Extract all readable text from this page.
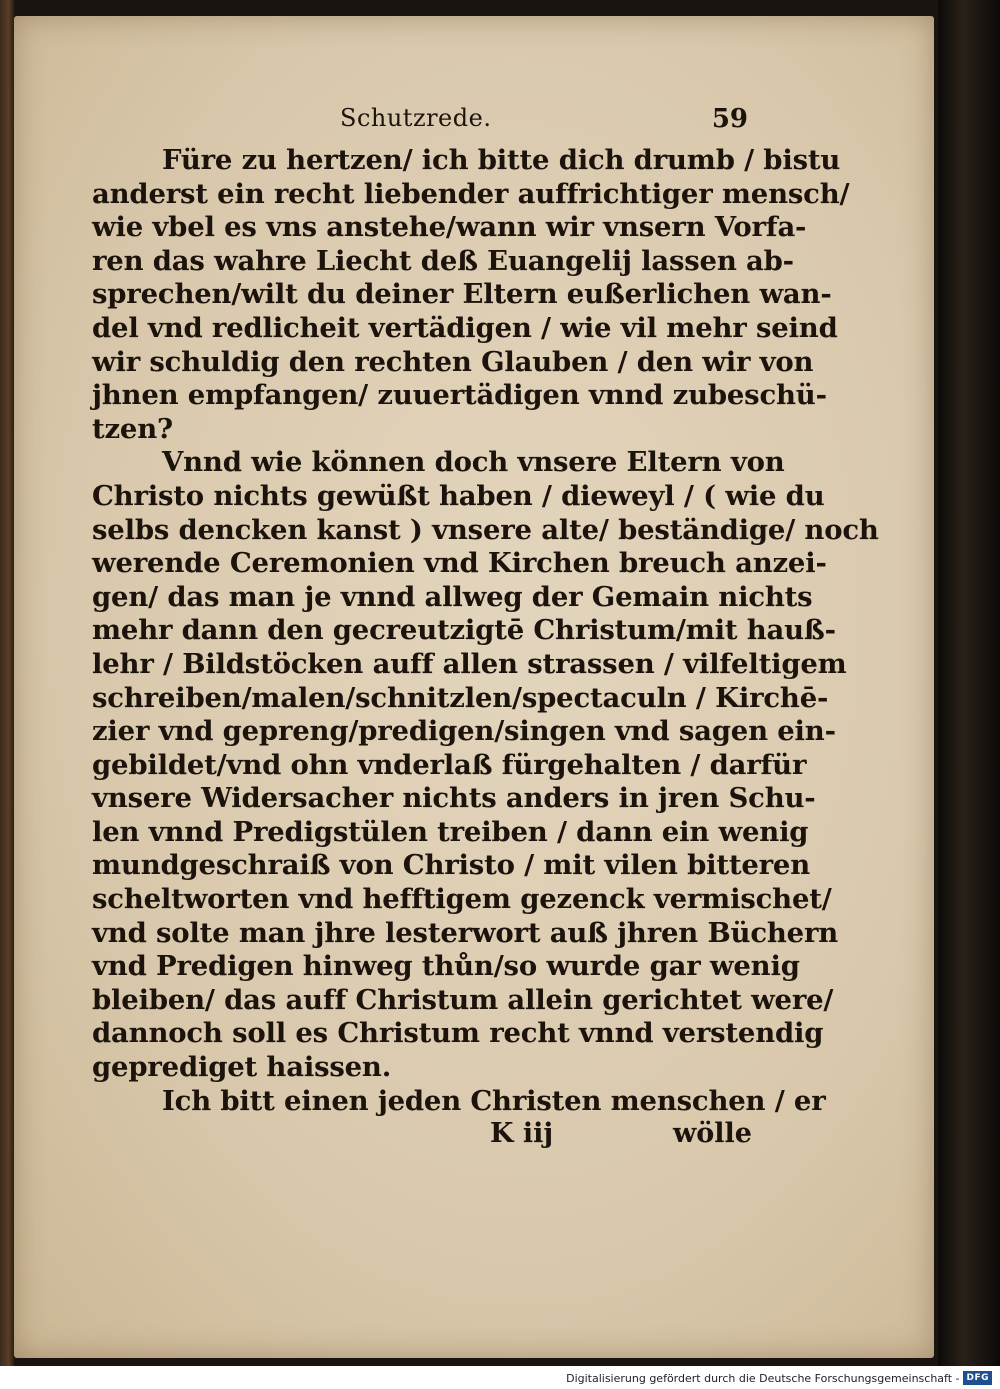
Schutzrede.	59
Füre zu hertzen/ ich bitte dich drumb / bistu
anderst ein recht liebender auffrichtiger mensch/
wie vbel es vns anstehe/wann wir vnsern Vorfa-
ren das wahre Liecht deß Euangelij lassen ab-
sprechen/wilt du deiner Eltern eußerlichen wan-
del vnd redlicheit vertädigen / wie vil mehr seind
wir schuldig den rechten Glauben / den wir von
jhnen empfangen/ zuuertädigen vnnd zubeschü-
tzen?
Vnnd wie können doch vnsere Eltern von
Christo nichts gewüßt haben / dieweyl / ( wie du
selbs dencken kanst ) vnsere alte/ beständige/ noch
werende Ceremonien vnd Kirchen breuch anzei-
gen/ das man je vnnd allweg der Gemain nichts
mehr dann den gecreutzigtē Christum/mit hauß-
lehr / Bildstöcken auff allen strassen / vilfeltigem
schreiben/malen/schnitzlen/spectaculn / Kirchē-
zier vnd gepreng/predigen/singen vnd sagen ein-
gebildet/vnd ohn vnderlaß fürgehalten / darfür
vnsere Widersacher nichts anders in jren Schu-
len vnnd Predigstülen treiben / dann ein wenig
mundgeschraiß von Christo / mit vilen bitteren
scheltworten vnd hefftigem gezenck vermischet/
vnd solte man jhre lesterwort auß jhren Büchern
vnd Predigen hinweg thůn/so wurde gar wenig
bleiben/ das auff Christum allein gerichtet were/
dannoch soll es Christum recht vnnd verstendig
geprediget haissen.
Ich bitt einen jeden Christen menschen / er
K iij	wölle
Digitalisierung gefördert durch die Deutsche Forschungsgemeinschaft - DFG
